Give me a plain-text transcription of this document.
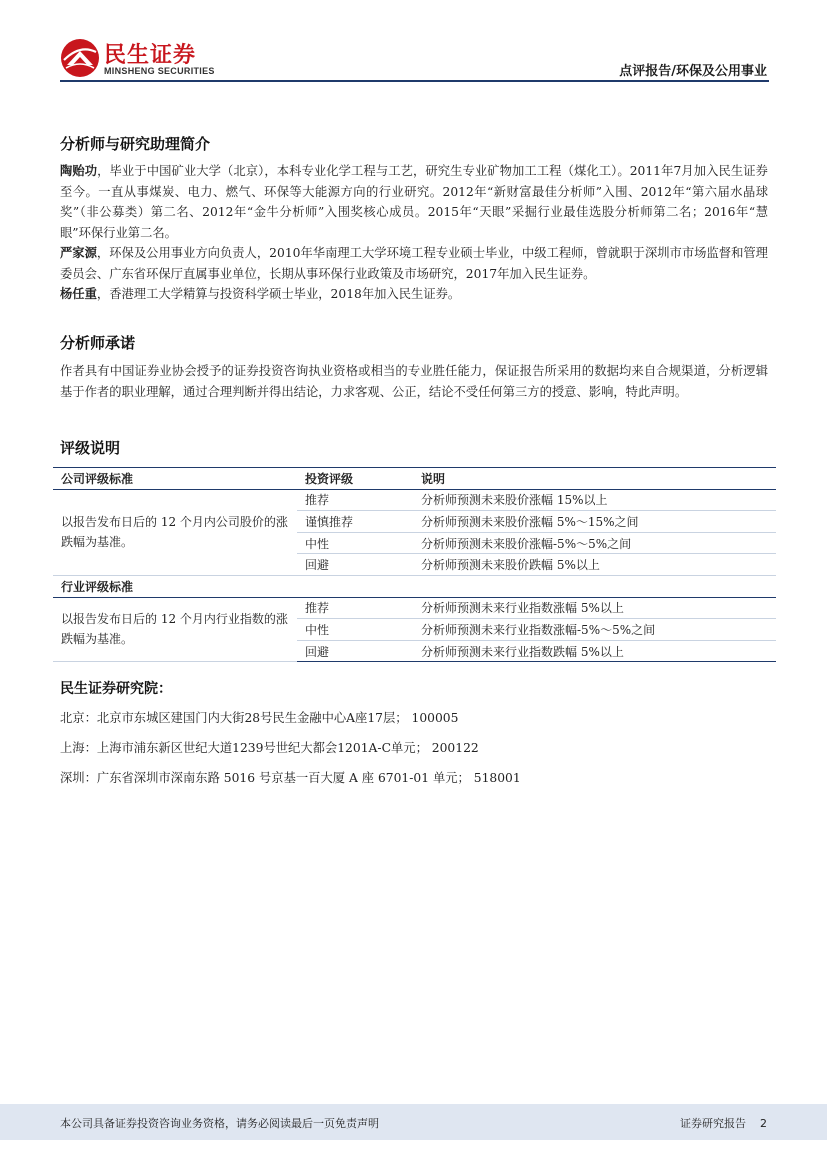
民生证券
MINSHENG SECURITIES	点评报告/环保及公用事业
分析师与研究助理简介

陶贻功，毕业于中国矿业大学（北京），本科专业化学工程与工艺，研究生专业矿物加工工程（煤化工）。2011年7月加入民生证券至今。一直从事煤炭、电力、燃气、环保等大能源方向的行业研究。2012年“新财富最佳分析师”入围、2012年“第六届水晶球奖”（非公募类）第二名、2012年“金牛分析师”入围奖核心成员。2015年“天眼”采掘行业最佳选股分析师第二名；2016年“慧眼”环保行业第二名。

严家源，环保及公用事业方向负责人，2010年华南理工大学环境工程专业硕士毕业，中级工程师，曾就职于深圳市市场监督和管理委员会、广东省环保厅直属事业单位，长期从事环保行业政策及市场研究，2017年加入民生证券。

杨任重，香港理工大学精算与投资科学硕士毕业，2018年加入民生证券。

分析师承诺

作者具有中国证券业协会授予的证券投资咨询执业资格或相当的专业胜任能力，保证报告所采用的数据均来自合规渠道，分析逻辑基于作者的职业理解，通过合理判断并得出结论，力求客观、公正，结论不受任何第三方的授意、影响，特此声明。

评级说明
公司评级标准	投资评级	说明
以报告发布日后的 12 个月内公司股价的涨跌幅为基准。	推荐	分析师预测未来股价涨幅 15%以上
	谨慎推荐	分析师预测未来股价涨幅 5%～15%之间
	中性	分析师预测未来股价涨幅-5%～5%之间
	回避	分析师预测未来股价跌幅 5%以上
行业评级标准		
以报告发布日后的 12 个月内行业指数的涨跌幅为基准。	推荐	分析师预测未来行业指数涨幅 5%以上
	中性	分析师预测未来行业指数涨幅-5%～5%之间
	回避	分析师预测未来行业指数跌幅 5%以上
民生证券研究院：
北京：北京市东城区建国门内大街28号民生金融中心A座17层； 100005
上海：上海市浦东新区世纪大道1239号世纪大都会1201A-C单元； 200122
深圳：广东省深圳市深南东路 5016 号京基一百大厦 A 座 6701-01 单元； 518001
本公司具备证券投资咨询业务资格，请务必阅读最后一页免责声明	证券研究报告 2
